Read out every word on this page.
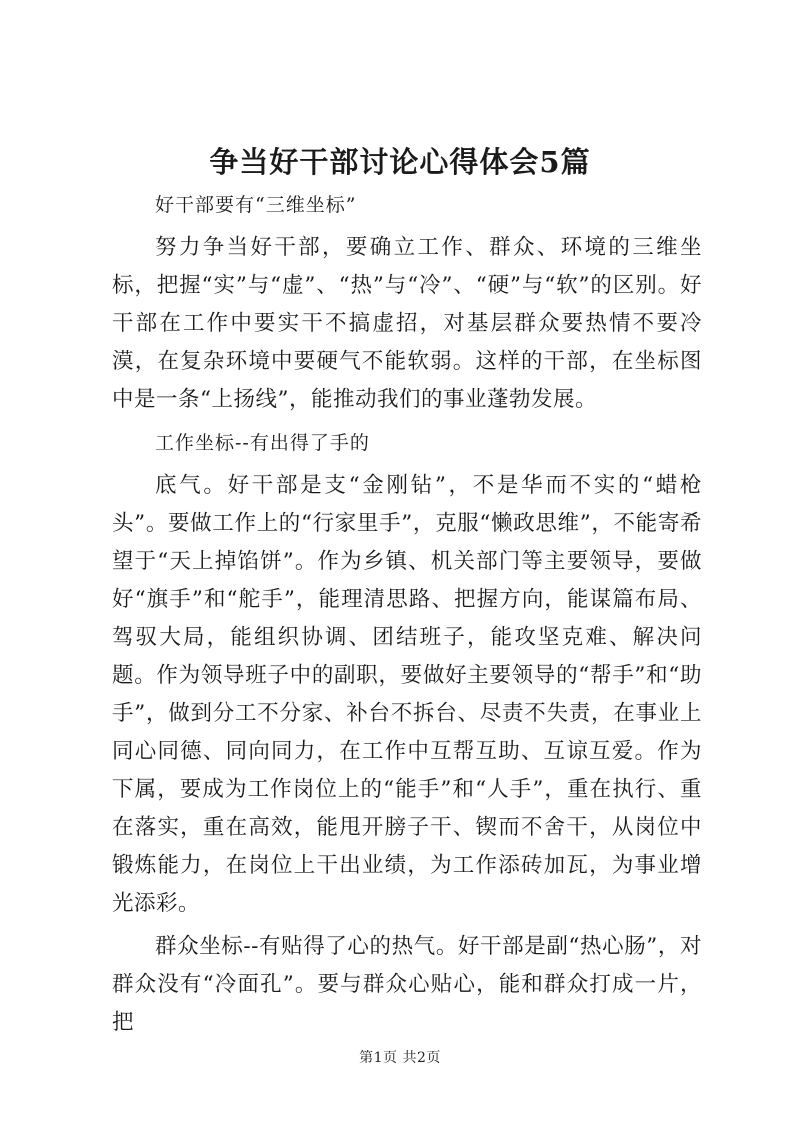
争当好干部讨论心得体会5篇

好干部要有“三维坐标”

努力争当好干部，要确立工作、群众、环境的三维坐标，把握“实”与“虚”、“热”与“冷”、“硬”与“软”的区别。好干部在工作中要实干不搞虚招，对基层群众要热情不要冷漠，在复杂环境中要硬气不能软弱。这样的干部，在坐标图中是一条“上扬线”，能推动我们的事业蓬勃发展。

工作坐标--有出得了手的

底气。好干部是支“金刚钻”，不是华而不实的“蜡枪头”。要做工作上的“行家里手”，克服“懒政思维”，不能寄希望于“天上掉馅饼”。作为乡镇、机关部门等主要领导，要做好“旗手”和“舵手”，能理清思路、把握方向，能谋篇布局、驾驭大局，能组织协调、团结班子，能攻坚克难、解决问题。作为领导班子中的副职，要做好主要领导的“帮手”和“助手”，做到分工不分家、补台不拆台、尽责不失责，在事业上同心同德、同向同力，在工作中互帮互助、互谅互爱。作为下属，要成为工作岗位上的“能手”和“人手”，重在执行、重在落实，重在高效，能甩开膀子干、锲而不舍干，从岗位中锻炼能力，在岗位上干出业绩，为工作添砖加瓦，为事业增光添彩。

群众坐标--有贴得了心的热气。好干部是副“热心肠”，对群众没有“冷面孔”。要与群众心贴心，能和群众打成一片，把

第1页 共2页
